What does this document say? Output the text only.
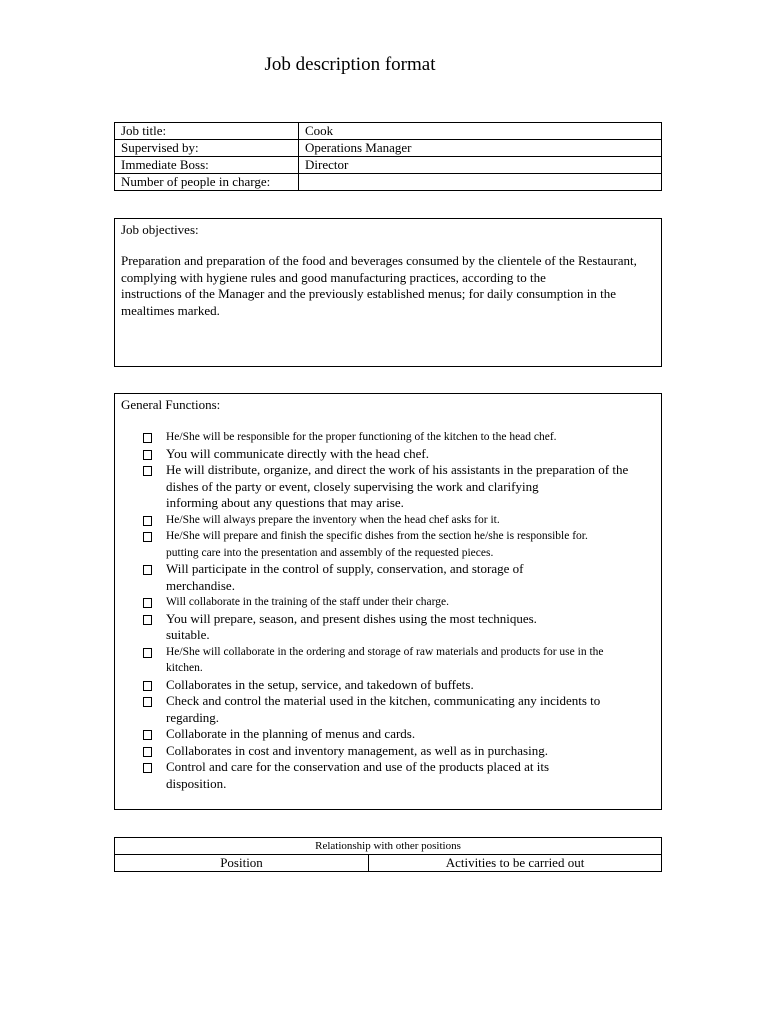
Job description format
Job title:	Cook
Supervised by:	Operations Manager
Immediate Boss:	Director
Number of people in charge:	
Job objectives:
Preparation and preparation of the food and beverages consumed by the clientele of the Restaurant,
complying with hygiene rules and good manufacturing practices, according to the
instructions of the Manager and the previously established menus; for daily consumption in the
mealtimes marked.
General Functions:
He/She will be responsible for the proper functioning of the kitchen to the head chef.
You will communicate directly with the head chef.
He will distribute, organize, and direct the work of his assistants in the preparation of the
dishes of the party or event, closely supervising the work and clarifying
informing about any questions that may arise.
He/She will always prepare the inventory when the head chef asks for it.
He/She will prepare and finish the specific dishes from the section he/she is responsible for.
putting care into the presentation and assembly of the requested pieces.
Will participate in the control of supply, conservation, and storage of
merchandise.
Will collaborate in the training of the staff under their charge.
You will prepare, season, and present dishes using the most techniques.
suitable.
He/She will collaborate in the ordering and storage of raw materials and products for use in the
kitchen.
Collaborates in the setup, service, and takedown of buffets.
Check and control the material used in the kitchen, communicating any incidents to
regarding.
Collaborate in the planning of menus and cards.
Collaborates in cost and inventory management, as well as in purchasing.
Control and care for the conservation and use of the products placed at its
disposition.
Relationship with other positions
Position	Activities to be carried out
